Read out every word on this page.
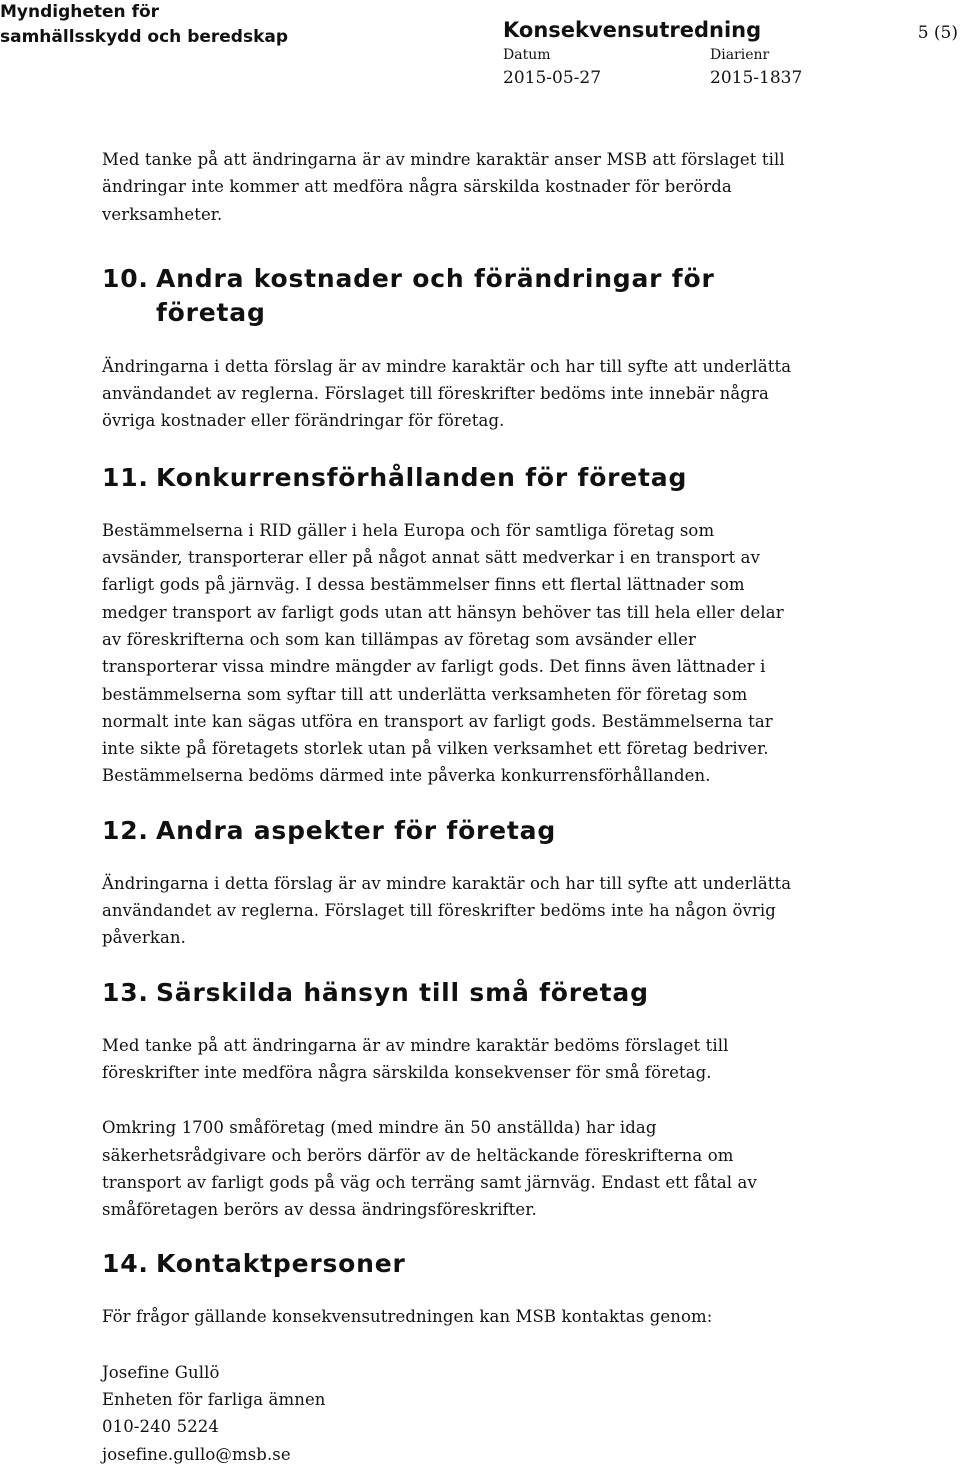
Myndigheten för
samhällsskydd och beredskap	Konsekvensutredning	5 (5)
Datum
2015-05-27
Diarienr
2015-1837

Med tanke på att ändringarna är av mindre karaktär anser MSB att förslaget till ändringar inte kommer att medföra några särskilda kostnader för berörda verksamheter.

10. Andra kostnader och förändringar för
företag

Ändringarna i detta förslag är av mindre karaktär och har till syfte att underlätta användandet av reglerna. Förslaget till föreskrifter bedöms inte innebär några övriga kostnader eller förändringar för företag.

11. Konkurrensförhållanden för företag

Bestämmelserna i RID gäller i hela Europa och för samtliga företag som avsänder, transporterar eller på något annat sätt medverkar i en transport av farligt gods på järnväg. I dessa bestämmelser finns ett flertal lättnader som medger transport av farligt gods utan att hänsyn behöver tas till hela eller delar av föreskrifterna och som kan tillämpas av företag som avsänder eller transporterar vissa mindre mängder av farligt gods. Det finns även lättnader i bestämmelserna som syftar till att underlätta verksamheten för företag som normalt inte kan sägas utföra en transport av farligt gods. Bestämmelserna tar inte sikte på företagets storlek utan på vilken verksamhet ett företag bedriver. Bestämmelserna bedöms därmed inte påverka konkurrensförhållanden.

12. Andra aspekter för företag

Ändringarna i detta förslag är av mindre karaktär och har till syfte att underlätta användandet av reglerna. Förslaget till föreskrifter bedöms inte ha någon övrig påverkan.

13. Särskilda hänsyn till små företag

Med tanke på att ändringarna är av mindre karaktär bedöms förslaget till föreskrifter inte medföra några särskilda konsekvenser för små företag.

Omkring 1700 småföretag (med mindre än 50 anställda) har idag säkerhetsrådgivare och berörs därför av de heltäckande föreskrifterna om transport av farligt gods på väg och terräng samt järnväg. Endast ett fåtal av småföretagen berörs av dessa ändringsföreskrifter.

14. Kontaktpersoner

För frågor gällande konsekvensutredningen kan MSB kontaktas genom:

Josefine Gullö

Enheten för farliga ämnen

010-240 5224

josefine.gullo@msb.se
